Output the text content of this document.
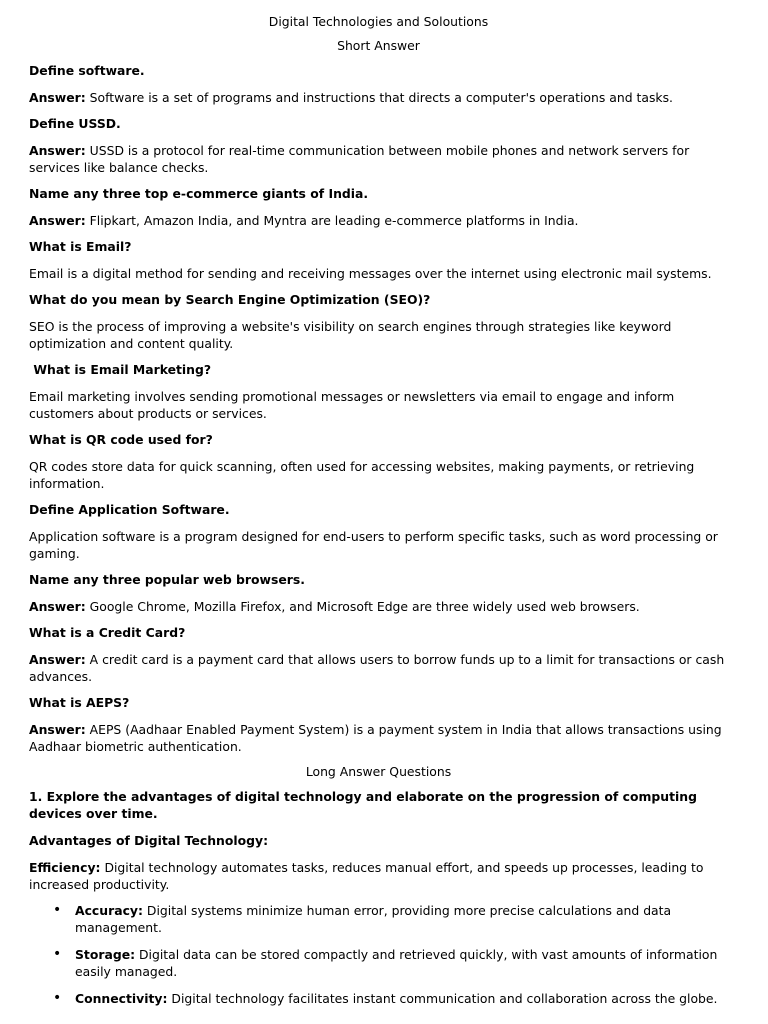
Digital Technologies and Soloutions

Short Answer

Define software.

Answer: Software is a set of programs and instructions that directs a computer's operations and tasks.

Define USSD.

Answer: USSD is a protocol for real-time communication between mobile phones and network servers for services like balance checks.

Name any three top e-commerce giants of India.

Answer: Flipkart, Amazon India, and Myntra are leading e-commerce platforms in India.

What is Email?

Email is a digital method for sending and receiving messages over the internet using electronic mail systems.

What do you mean by Search Engine Optimization (SEO)?

SEO is the process of improving a website's visibility on search engines through strategies like keyword optimization and content quality.

What is Email Marketing?

Email marketing involves sending promotional messages or newsletters via email to engage and inform customers about products or services.

What is QR code used for?

QR codes store data for quick scanning, often used for accessing websites, making payments, or retrieving information.

Define Application Software.

Application software is a program designed for end-users to perform specific tasks, such as word processing or gaming.

Name any three popular web browsers.

Answer: Google Chrome, Mozilla Firefox, and Microsoft Edge are three widely used web browsers.

What is a Credit Card?

Answer: A credit card is a payment card that allows users to borrow funds up to a limit for transactions or cash advances.

What is AEPS?

Answer: AEPS (Aadhaar Enabled Payment System) is a payment system in India that allows transactions using Aadhaar biometric authentication.

Long Answer Questions

1. Explore the advantages of digital technology and elaborate on the progression of computing devices over time.

Advantages of Digital Technology:

Efficiency: Digital technology automates tasks, reduces manual effort, and speeds up processes, leading to increased productivity.

• Accuracy: Digital systems minimize human error, providing more precise calculations and data management.
• Storage: Digital data can be stored compactly and retrieved quickly, with vast amounts of information easily managed.
• Connectivity: Digital technology facilitates instant communication and collaboration across the globe.
